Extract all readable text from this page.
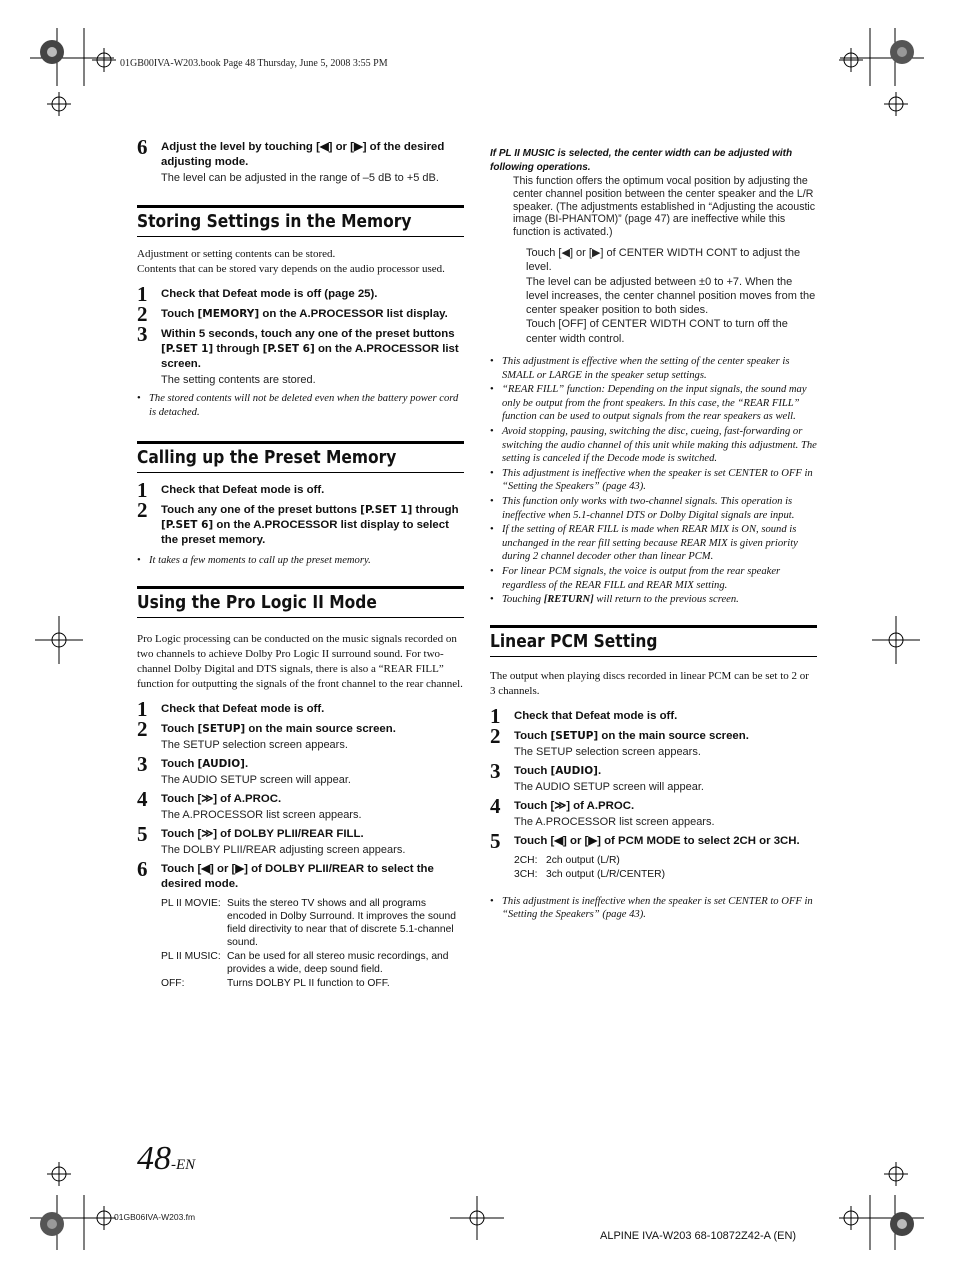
01GB00IVA-W203.book Page 48 Thursday, June 5, 2008 3:55 PM
6 Adjust the level by touching [◀] or [▶] of the desired adjusting mode.
The level can be adjusted in the range of –5 dB to +5 dB.
Storing Settings in the Memory

Adjustment or setting contents can be stored.
Contents that can be stored vary depends on the audio processor used.

1 Check that Defeat mode is off (page 25).
2 Touch [MEMORY] on the A.PROCESSOR list display.
3 Within 5 seconds, touch any one of the preset buttons [P.SET 1] through [P.SET 6] on the A.PROCESSOR list screen.
The setting contents are stored.
• The stored contents will not be deleted even when the battery power cord is detached.
Calling up the Preset Memory
1 Check that Defeat mode is off.
2 Touch any one of the preset buttons [P.SET 1] through [P.SET 6] on the A.PROCESSOR list display to select the preset memory.
• It takes a few moments to call up the preset memory.
Using the Pro Logic II Mode

Pro Logic processing can be conducted on the music signals recorded on two channels to achieve Dolby Pro Logic II surround sound. For two-channel Dolby Digital and DTS signals, there is also a “REAR FILL” function for outputting the signals of the front channel to the rear channel.

1 Check that Defeat mode is off.
2 Touch [SETUP] on the main source screen.
The SETUP selection screen appears.
3 Touch [AUDIO].
The AUDIO SETUP screen will appear.
4 Touch [≫] of A.PROC.
The A.PROCESSOR list screen appears.
5 Touch [≫] of DOLBY PLII/REAR FILL.
The DOLBY PLII/REAR adjusting screen appears.
6 Touch [◀] or [▶] of DOLBY PLII/REAR to select the desired mode.
PL II MOVIE: Suits the stereo TV shows and all programs encoded in Dolby Surround. It improves the sound field directivity to near that of discrete 5.1-channel sound.
PL II MUSIC: Can be used for all stereo music recordings, and provides a wide, deep sound field.
OFF:	Turns DOLBY PL II function to OFF.
If PL II MUSIC is selected, the center width can be adjusted with following operations.
This function offers the optimum vocal position by adjusting the center channel position between the center speaker and the L/R speaker. (The adjustments established in “Adjusting the acoustic image (BI-PHANTOM)” (page 47) are ineffective while this function is activated.)
Touch [◀] or [▶] of CENTER WIDTH CONT to adjust the level.
The level can be adjusted between ±0 to +7. When the level increases, the center channel position moves from the center speaker position to both sides.
Touch [OFF] of CENTER WIDTH CONT to turn off the center width control.
• This adjustment is effective when the setting of the center speaker is SMALL or LARGE in the speaker setup settings.
• “REAR FILL” function: Depending on the input signals, the sound may only be output from the front speakers. In this case, the “REAR FILL” function can be used to output signals from the rear speakers as well.
• Avoid stopping, pausing, switching the disc, cueing, fast-forwarding or switching the audio channel of this unit while making this adjustment. The setting is canceled if the Decode mode is switched.
• This adjustment is ineffective when the speaker is set CENTER to OFF in “Setting the Speakers” (page 43).
• This function only works with two-channel signals. This operation is ineffective when 5.1-channel DTS or Dolby Digital signals are input.
• If the setting of REAR FILL is made when REAR MIX is ON, sound is unchanged in the rear fill setting because REAR MIX is given priority during 2 channel decoder other than linear PCM.
• For linear PCM signals, the voice is output from the rear speaker regardless of the REAR FILL and REAR MIX setting.
• Touching [RETURN] will return to the previous screen.
Linear PCM Setting

The output when playing discs recorded in linear PCM can be set to 2 or 3 channels.

1 Check that Defeat mode is off.
2 Touch [SETUP] on the main source screen.
The SETUP selection screen appears.
3 Touch [AUDIO].
The AUDIO SETUP screen will appear.
4 Touch [≫] of A.PROC.
The A.PROCESSOR list screen appears.
5 Touch [◀] or [▶] of PCM MODE to select 2CH or 3CH.
2CH: 2ch output (L/R)
3CH: 3ch output (L/R/CENTER)
• This adjustment is ineffective when the speaker is set CENTER to OFF in “Setting the Speakers” (page 43).
48-EN
01GB06IVA-W203.fm
ALPINE IVA-W203 68-10872Z42-A (EN)
